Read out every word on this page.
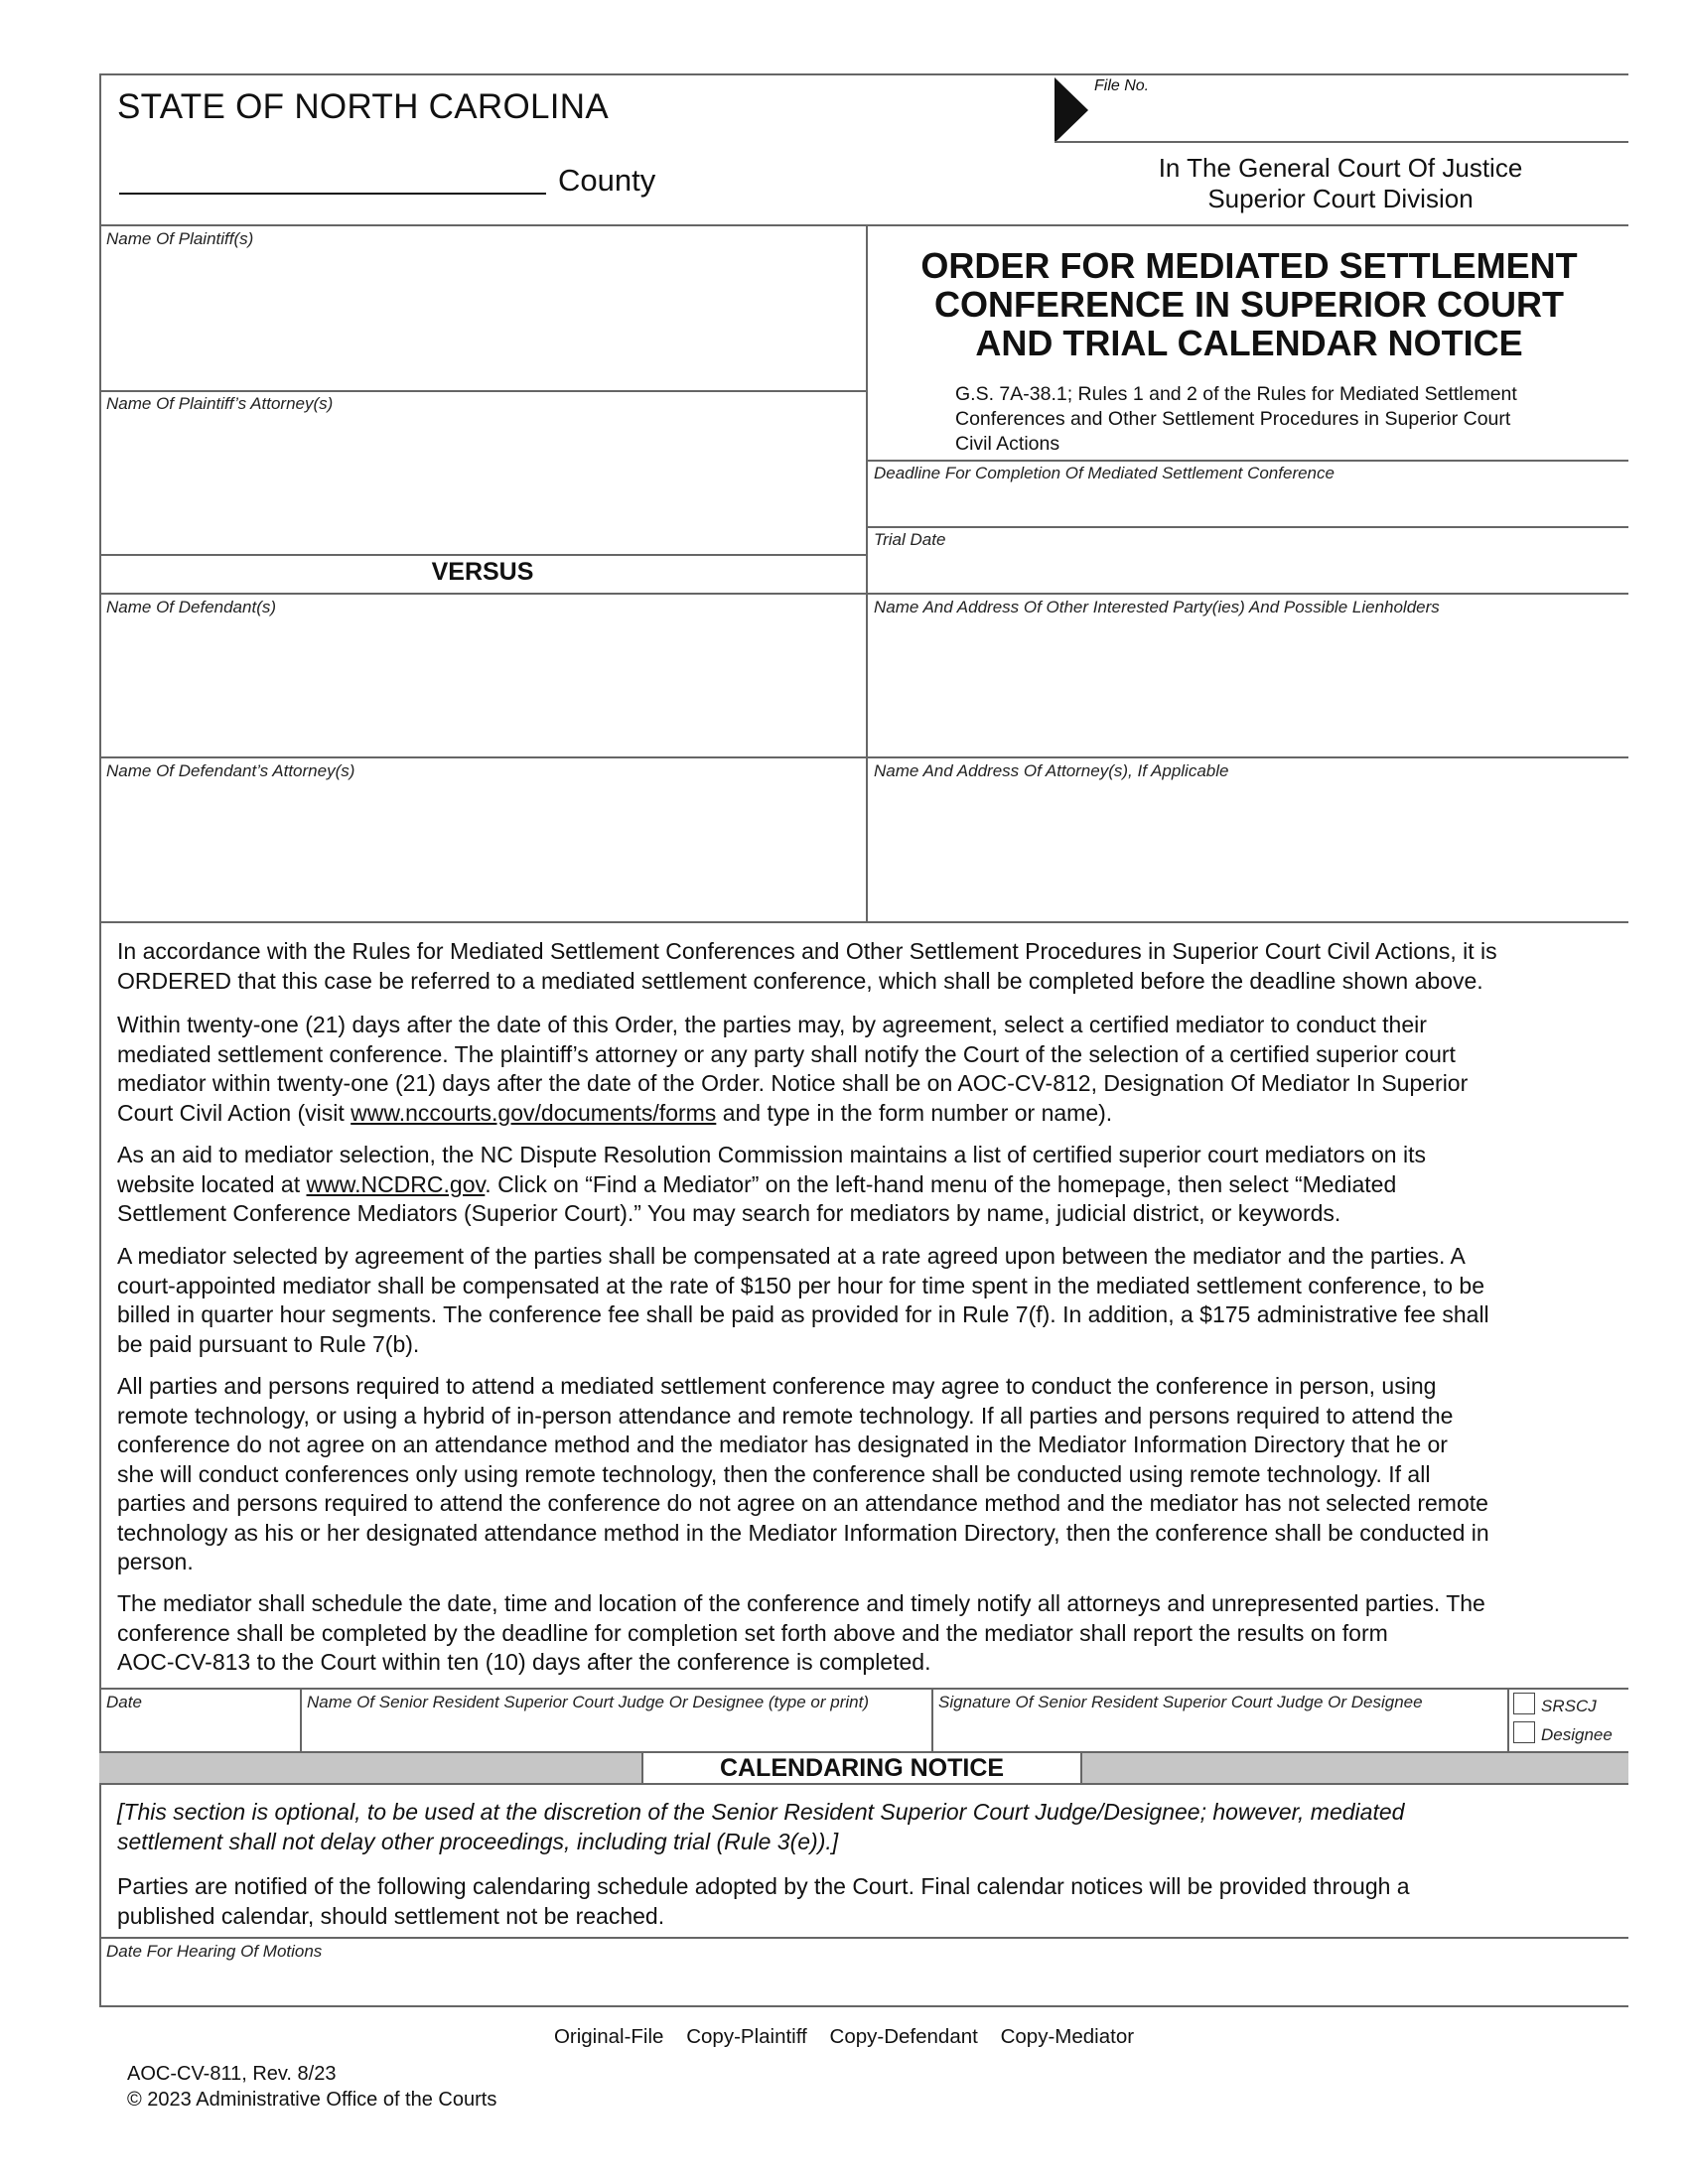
STATE OF NORTH CAROLINA
County
File No.
In The General Court Of Justice
Superior Court Division
Name Of Plaintiff(s)
Name Of Plaintiff’s Attorney(s)
VERSUS
Name Of Defendant(s)
Name Of Defendant’s Attorney(s)
ORDER FOR MEDIATED SETTLEMENT
CONFERENCE IN SUPERIOR COURT
AND TRIAL CALENDAR NOTICE
G.S. 7A-38.1; Rules 1 and 2 of the Rules for Mediated Settlement
Conferences and Other Settlement Procedures in Superior Court
Civil Actions
Deadline For Completion Of Mediated Settlement Conference
Trial Date
Name And Address Of Other Interested Party(ies) And Possible Lienholders
Name And Address Of Attorney(s), If Applicable
In accordance with the Rules for Mediated Settlement Conferences and Other Settlement Procedures in Superior Court Civil Actions, it is
ORDERED that this case be referred to a mediated settlement conference, which shall be completed before the deadline shown above.
Within twenty-one (21) days after the date of this Order, the parties may, by agreement, select a certified mediator to conduct their
mediated settlement conference. The plaintiff’s attorney or any party shall notify the Court of the selection of a certified superior court
mediator within twenty-one (21) days after the date of the Order. Notice shall be on AOC-CV-812, Designation Of Mediator In Superior
Court Civil Action (visit www.nccourts.gov/documents/forms and type in the form number or name).
As an aid to mediator selection, the NC Dispute Resolution Commission maintains a list of certified superior court mediators on its
website located at www.NCDRC.gov. Click on “Find a Mediator” on the left-hand menu of the homepage, then select “Mediated
Settlement Conference Mediators (Superior Court).” You may search for mediators by name, judicial district, or keywords.
A mediator selected by agreement of the parties shall be compensated at a rate agreed upon between the mediator and the parties. A
court-appointed mediator shall be compensated at the rate of $150 per hour for time spent in the mediated settlement conference, to be
billed in quarter hour segments. The conference fee shall be paid as provided for in Rule 7(f). In addition, a $175 administrative fee shall
be paid pursuant to Rule 7(b).
All parties and persons required to attend a mediated settlement conference may agree to conduct the conference in person, using
remote technology, or using a hybrid of in-person attendance and remote technology. If all parties and persons required to attend the
conference do not agree on an attendance method and the mediator has designated in the Mediator Information Directory that he or
she will conduct conferences only using remote technology, then the conference shall be conducted using remote technology. If all
parties and persons required to attend the conference do not agree on an attendance method and the mediator has not selected remote
technology as his or her designated attendance method in the Mediator Information Directory, then the conference shall be conducted in
person.
The mediator shall schedule the date, time and location of the conference and timely notify all attorneys and unrepresented parties. The
conference shall be completed by the deadline for completion set forth above and the mediator shall report the results on form
AOC-CV-813 to the Court within ten (10) days after the conference is completed.
Date	Name Of Senior Resident Superior Court Judge Or Designee (type or print)	Signature Of Senior Resident Superior Court Judge Or Designee	SRSCJ
Designee
CALENDARING NOTICE
[This section is optional, to be used at the discretion of the Senior Resident Superior Court Judge/Designee; however, mediated
settlement shall not delay other proceedings, including trial (Rule 3(e)).]
Parties are notified of the following calendaring schedule adopted by the Court. Final calendar notices will be provided through a
published calendar, should settlement not be reached.
Date For Hearing Of Motions
Original-File    Copy-Plaintiff    Copy-Defendant    Copy-Mediator
AOC-CV-811, Rev. 8/23
© 2023 Administrative Office of the Courts
